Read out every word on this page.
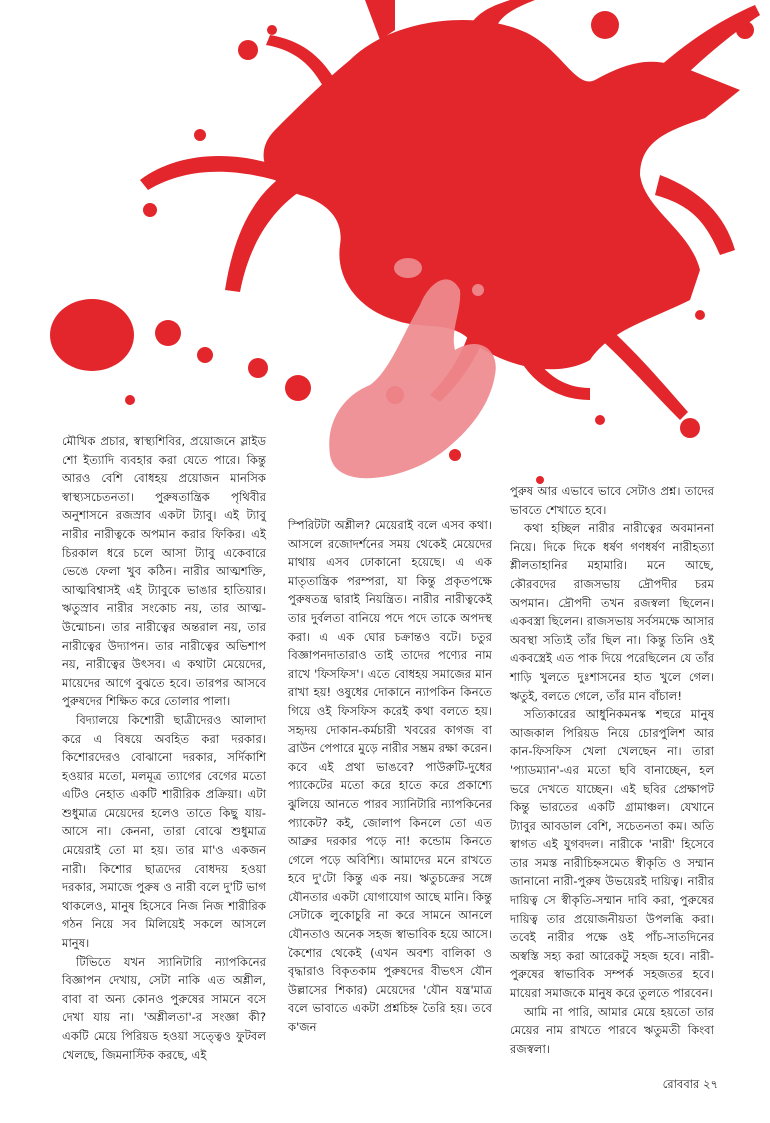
মৌখিক প্রচার, স্বাস্থ্যশিবির, প্রয়োজনে স্লাইড শো ইত্যাদি ব্যবহার করা যেতে পারে। কিন্তু আরও বেশি বোধহয় প্রয়োজন মানসিক স্বাস্থ্যসচেতনতা। পুরুষতান্ত্রিক পৃথিবীর অনুশাসনে রজস্রাব একটা ট্যাবু। এই ট্যাবু নারীর নারীত্বকে অপমান করার ফিকির। এই চিরকাল ধরে চলে আসা ট্যাবু একেবারে ভেঙে ফেলা খুব কঠিন। নারীর আত্মশক্তি, আত্মবিশ্বাসই এই ট্যাবুকে ভাঙার হাতিয়ার। ঋতুস্রাব নারীর সংকোচ নয়, তার আত্ম-উন্মোচন। তার নারীত্বের অন্তরাল নয়, তার নারীত্বের উদ্যাপন। তার নারীত্বের অভিশাপ নয়, নারীত্বের উৎসব। এ কথাটা মেয়েদের, মায়েদের আগে বুঝতে হবে। তারপর আসবে পুরুষদের শিক্ষিত করে তোলার পালা।

বিদ্যালয়ে কিশোরী ছাত্রীদেরও আলাদা করে এ বিষয়ে অবহিত করা দরকার। কিশোরদেরও বোঝানো দরকার, সর্দিকাশি হওয়ার মতো, মলমূত্র ত্যাগের বেগের মতো এটিও নেহাত একটি শারীরিক প্রক্রিয়া। এটা শুধুমাত্র মেয়েদের হলেও তাতে কিছু যায়-আসে না। কেননা, তারা বোঝে শুধুমাত্র মেয়েরাই তো মা হয়। তার মা'ও একজন নারী। কিশোর ছাত্রদের বোধদয় হওয়া দরকার, সমাজে পুরুষ ও নারী বলে দু'টি ভাগ থাকলেও, মানুষ হিসেবে নিজ নিজ শারীরিক গঠন নিয়ে সব মিলিয়েই সকলে আসলে মানুষ।

টিভিতে যখন স্যানিটারি ন্যাপকিনের বিজ্ঞাপন দেখায়, সেটা নাকি এত অশ্লীল, বাবা বা অন্য কোনও পুরুষের সামনে বসে দেখা যায় না। 'অশ্লীলতা'-র সংজ্ঞা কী? একটি মেয়ে পিরিয়ড হওয়া সত্ত্বেও ফুটবল খেলছে, জিমনাস্টিক করছে, এই

স্পিরিটটা অশ্লীল? মেয়েরাই বলে এসব কথা। আসলে রজোদর্শনের সময় থেকেই মেয়েদের মাথায় এসব ঢোকানো হয়েছে। এ এক মাতৃতান্ত্রিক পরম্পরা, যা কিন্তু প্রকৃতপক্ষে পুরুষতন্ত্র দ্বারাই নিয়ন্ত্রিত। নারীর নারীত্বকেই তার দুর্বলতা বানিয়ে পদে পদে তাকে অপদস্থ করা। এ এক ঘোর চক্রান্তও বটে। চতুর বিজ্ঞাপনদাতারাও তাই তাদের পণ্যের নাম রাখে 'ফিসফিস'। এতে বোধহয় সমাজের মান রাখা হয়! ওষুধের দোকানে ন্যাপকিন কিনতে গিয়ে ওই ফিসফিস করেই কথা বলতে হয়। সহৃদয় দোকান-কর্মচারী খবরের কাগজ বা ব্রাউন পেপারে মুড়ে নারীর সম্ভ্রম রক্ষা করেন। কবে এই প্রথা ভাঙবে? পাউরুটি-দুধের প্যাকেটের মতো করে হাতে করে প্রকাশ্যে ঝুলিয়ে আনতে পারব স্যানিটারি ন্যাপকিনের প্যাকেট? কই, জোলাপ কিনলে তো এত আব্রুর দরকার পড়ে না! কন্ডোম কিনতে গেলে পড়ে অবিশ্যি। আমাদের মনে রাখতে হবে দু'টো কিন্তু এক নয়। ঋতুচক্রের সঙ্গে যৌনতার একটা যোগাযোগ আছে মানি। কিন্তু সেটাকে লুকোচুরি না করে সামনে আনলে যৌনতাও অনেক সহজ স্বাভাবিক হয়ে আসে। কৈশোর থেকেই (এখন অবশ্য বালিকা ও বৃদ্ধারাও বিকৃতকাম পুরুষদের বীভৎস যৌন উল্লাসের শিকার) মেয়েদের 'যৌন যন্ত্র'মাত্র বলে ভাবাতে একটা প্রশ্নচিহ্ন তৈরি হয়। তবে ক'জন

পুরুষ আর এভাবে ভাবে সেটাও প্রশ্ন। তাদের ভাবতে শেখাতে হবে।

কথা হচ্ছিল নারীর নারীত্বের অবমাননা নিয়ে। দিকে দিকে ধর্ষণ গণধর্ষণ নারীহত্যা শ্লীলতাহানির মহামারি। মনে আছে, কৌরবদের রাজসভায় দ্রৌপদীর চরম অপমান। দ্রৌপদী তখন রজস্বলা ছিলেন। একবস্ত্রা ছিলেন। রাজসভায় সর্বসমক্ষে আসার অবস্থা সত্যিই তাঁর ছিল না। কিন্তু তিনি ওই একবস্ত্রেই এত পাক দিয়ে পরেছিলেন যে তাঁর শাড়ি খুলতে দুঃশাসনের হাত খুলে গেল। ঋতুই, বলতে গেলে, তাঁর মান বাঁচাল!

সত্যিকারের আধুনিকমনস্ক শহুরে মানুষ আজকাল পিরিয়ড নিয়ে চোরপুলিশ আর কান-ফিসফিস খেলা খেলছেন না। তারা 'প্যাডম্যান'-এর মতো ছবি বানাচ্ছেন, হল ভরে দেখতে যাচ্ছেন। এই ছবির প্রেক্ষাপট কিন্তু ভারতের একটি গ্রামাঞ্চল। যেখানে ট্যাবুর আবডাল বেশি, সচেতনতা কম। অতি স্বাগত এই যুগবদল। নারীকে 'নারী' হিসেবে তার সমস্ত নারীচিহ্নসমেত স্বীকৃতি ও সম্মান জানানো নারী-পুরুষ উভয়েরই দায়িত্ব। নারীর দায়িত্ব সে স্বীকৃতি-সম্মান দাবি করা, পুরুষের দায়িত্ব তার প্রয়োজনীয়তা উপলব্ধি করা। তবেই নারীর পক্ষে ওই পাঁচ-সাতদিনের অস্বস্তি সহ্য করা আরেকটু সহজ হবে। নারী-পুরুষের স্বাভাবিক সম্পর্ক সহজতর হবে। মায়েরা সমাজকে মানুষ করে তুলতে পারবেন।

আমি না পারি, আমার মেয়ে হয়তো তার মেয়ের নাম রাখতে পারবে ঋতুমতী কিংবা রজস্বলা।

রোববার ২৭
